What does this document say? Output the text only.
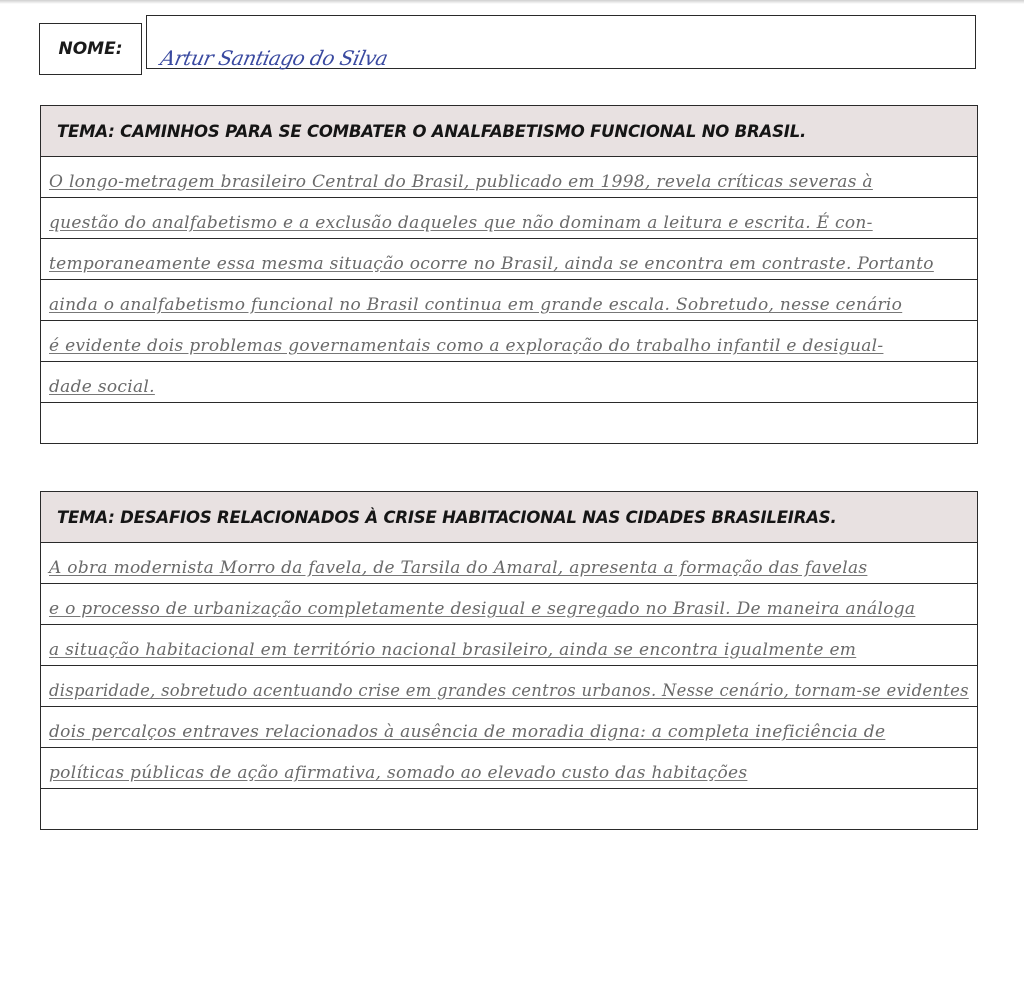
NOME: Artur Santiago do Silva
TEMA: CAMINHOS PARA SE COMBATER O ANALFABETISMO FUNCIONAL NO BRASIL.
O longo-metragem brasileiro Central do Brasil, publicado em 1998, revela críticas severas à
questão do analfabetismo e a exclusão daqueles que não dominam a leitura e escrita. É con-
temporaneamente essa mesma situação ocorre no Brasil, ainda se encontra em contraste. Portanto
ainda o analfabetismo funcional no Brasil continua em grande escala. Sobretudo, nesse cenário
é evidente dois problemas governamentais como a exploração do trabalho infantil e desigual-
dade social.
TEMA: DESAFIOS RELACIONADOS À CRISE HABITACIONAL NAS CIDADES BRASILEIRAS.
A obra modernista Morro da favela, de Tarsila do Amaral, apresenta a formação das favelas
e o processo de urbanização completamente desigual e segregado no Brasil. De maneira análoga
a situação habitacional em território nacional brasileiro, ainda se encontra igualmente em
disparidade, sobretudo acentuando crise em grandes centros urbanos. Nesse cenário, tornam-se evidentes
dois percalços entraves relacionados à ausência de moradia digna: a completa ineficiência de
políticas públicas de ação afirmativa, somado ao elevado custo das habitações
